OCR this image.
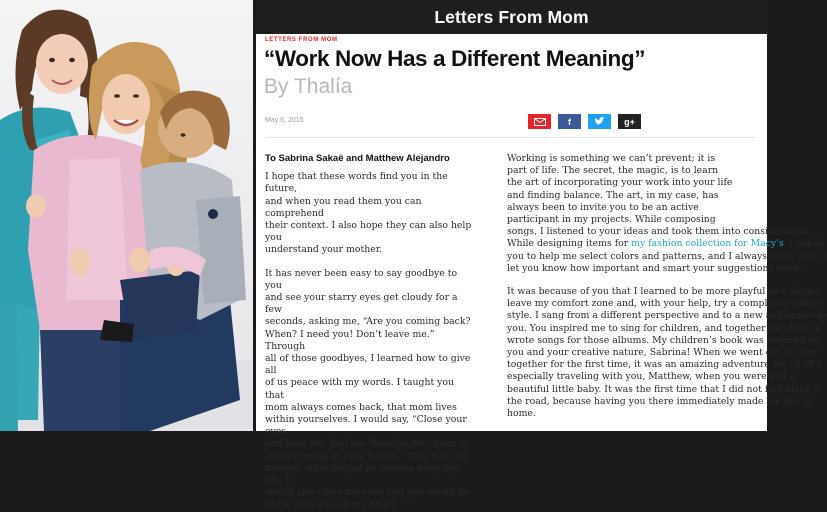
Letters From Mom
LETTERS FROM MOM
“Work Now Has a Different Meaning”
By Thalía
May 6, 2015	f	g+
To Sabrina Sakaë and Matthew Alejandro
I hope that these words find you in the future,
and when you read them you can comprehend
their context. I also hope they can also help you
understand your mother.
It has never been easy to say goodbye to you
and see your starry eyes get cloudy for a few
seconds, asking me, “Are you coming back?
When? I need you! Don’t leave me.” Through
all of those goodbyes, I learned how to give all
of us peace with my words. I taught you that
mom always comes back, that mom lives
within yourselves. I would say, “Close your eyes
and hear me, feel me, breathe me...mom is
always inside of your hearts.” This was our
mantra, what helped us survive everyday life. I
would also close my eyes and you would be
there with me—in my heart.
Working is something we can’t prevent; it is
part of life. The secret, the magic, is to learn
the art of incorporating your work into your life
and finding balance. The art, in my case, has
always been to invite you to be an active
participant in my projects. While composing
songs, I listened to your ideas and took them into consideration.
While designing items for my fashion collection for Macy’s, I asked
you to help me select colors and patterns, and I always made sure t
let you know how important and smart your suggestions were.
It was because of you that I learned to be more playful as a singer,
leave my comfort zone and, with your help, try a completely differe
style. I sang from a different perspective and to a new audience—te
you. You inspired me to sing for children, and together we chose a
wrote songs for those albums. My children’s book was inspired by
you and your creative nature, Sabrina! When we went out on tour
together for the first time, it was an amazing adventure for all of u
especially traveling with you, Matthew, when you were just a
beautiful little baby. It was the first time that I did not feel alone o
the road, because having you there immediately made me feel at
home.
